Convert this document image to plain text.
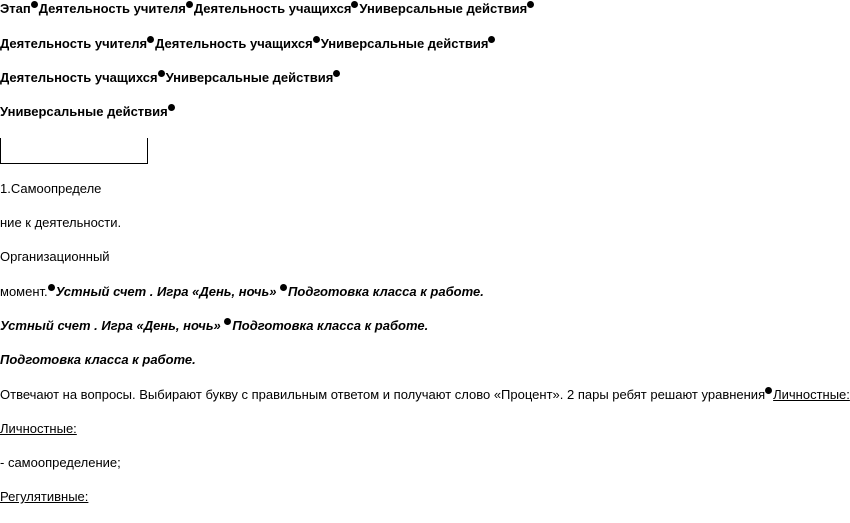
Этап Деятельность учителя Деятельность учащихся Универсальные действия
Деятельность учителя Деятельность учащихся Универсальные действия
Деятельность учащихся Универсальные действия
Универсальные действия
1.Самоопределе
ние к деятельности.
Организационный
момент. Устный счет . Игра «День, ночь» Подготовка класса к работе.
Устный счет . Игра «День, ночь» Подготовка класса к работе.
Подготовка класса к работе.
Отвечают на вопросы. Выбирают букву с правильным ответом и получают слово «Процент». 2 пары ребят решают уравнения Личностные:
Личностные:
- самоопределение;
Регулятивные:
